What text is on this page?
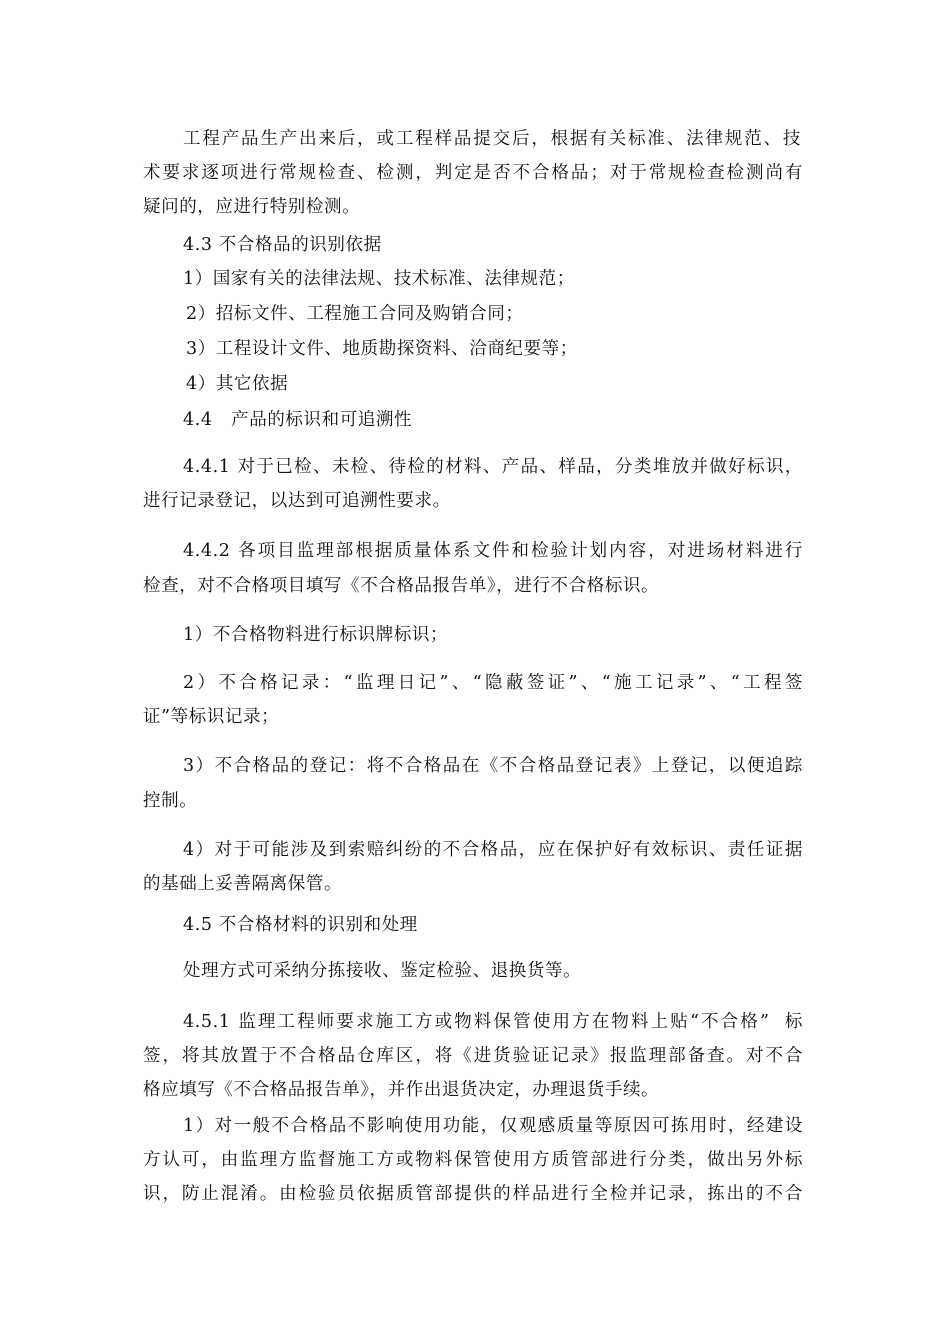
工程产品生产出来后，或工程样品提交后，根据有关标准、法律规范、技
术要求逐项进行常规检查、检测，判定是否不合格品；对于常规检查检测尚有
疑问的，应进行特别检测。
4.3 不合格品的识别依据
1）国家有关的法律法规、技术标准、法律规范；
2）招标文件、工程施工合同及购销合同；
3）工程设计文件、地质勘探资料、洽商纪要等；
4）其它依据
4.4   产品的标识和可追溯性
4.4.1 对于已检、未检、待检的材料、产品、样品，分类堆放并做好标识，
进行记录登记，以达到可追溯性要求。
4.4.2 各项目监理部根据质量体系文件和检验计划内容，对进场材料进行
检查，对不合格项目填写《不合格品报告单》，进行不合格标识。
1）不合格物料进行标识牌标识；
2）不合格记录：“监理日记”、“隐蔽签证”、“施工记录”、“工程签
证”等标识记录；
3）不合格品的登记：将不合格品在《不合格品登记表》上登记，以便追踪
控制。
4）对于可能涉及到索赔纠纷的不合格品，应在保护好有效标识、责任证据
的基础上妥善隔离保管。
4.5 不合格材料的识别和处理
处理方式可采纳分拣接收、鉴定检验、退换货等。
4.5.1 监理工程师要求施工方或物料保管使用方在物料上贴“不合格”  标
签，将其放置于不合格品仓库区，将《进货验证记录》报监理部备查。对不合
格应填写《不合格品报告单》，并作出退货决定，办理退货手续。
1）对一般不合格品不影响使用功能，仅观感质量等原因可拣用时，经建设
方认可，由监理方监督施工方或物料保管使用方质管部进行分类，做出另外标
识，防止混淆。由检验员依据质管部提供的样品进行全检并记录，拣出的不合
